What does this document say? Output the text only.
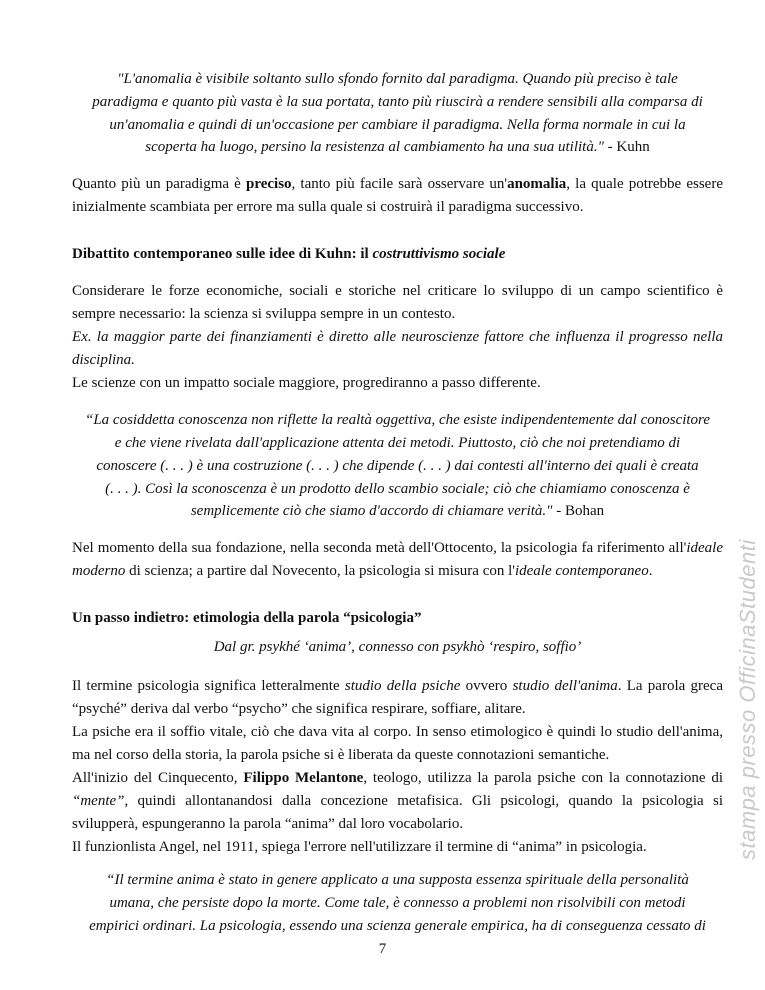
"L'anomalia è visibile soltanto sullo sfondo fornito dal paradigma. Quando più preciso è tale
paradigma e quanto più vasta è la sua portata, tanto più riuscirà a rendere sensibili alla comparsa di
un'anomalia e quindi di un'occasione per cambiare il paradigma. Nella forma normale in cui la
scoperta ha luogo, persino la resistenza al cambiamento ha una sua utilità." - Kuhn

Quanto più un paradigma è preciso, tanto più facile sarà osservare un'anomalia, la quale potrebbe essere inizialmente scambiata per errore ma sulla quale si costruirà il paradigma successivo.

Dibattito contemporaneo sulle idee di Kuhn: il costruttivismo sociale

Considerare le forze economiche, sociali e storiche nel criticare lo sviluppo di un campo scientifico è sempre necessario: la scienza si sviluppa sempre in un contesto.

Ex. la maggior parte dei finanziamenti è diretto alle neuroscienze fattore che influenza il progresso nella disciplina.

Le scienze con un impatto sociale maggiore, progrediranno a passo differente.

“La cosiddetta conoscenza non riflette la realtà oggettiva, che esiste indipendentemente dal conoscitore
e che viene rivelata dall'applicazione attenta dei metodi. Piuttosto, ciò che noi pretendiamo di
conoscere (. . . ) è una costruzione (. . . ) che dipende (. . . ) dai contesti all'interno dei quali è creata
(. . . ). Così la sconoscenza è un prodotto dello scambio sociale; ciò che chiamiamo conoscenza è
semplicemente ciò che siamo d'accordo di chiamare verità." - Bohan

Nel momento della sua fondazione, nella seconda metà dell'Ottocento, la psicologia fa riferimento all'ideale moderno di scienza; a partire dal Novecento, la psicologia si misura con l'ideale contemporaneo.

Un passo indietro: etimologia della parola “psicologia”
Dal gr. psykhé ‘anima’, connesso con psykhò ‘respiro, soffio’

Il termine psicologia significa letteralmente studio della psiche ovvero studio dell'anima. La parola greca “psyché” deriva dal verbo “psycho” che significa respirare, soffiare, alitare.

La psiche era il soffio vitale, ciò che dava vita al corpo. In senso etimologico è quindi lo studio dell'anima, ma nel corso della storia, la parola psiche si è liberata da queste connotazioni semantiche.

All'inizio del Cinquecento, Filippo Melantone, teologo, utilizza la parola psiche con la connotazione di “mente”, quindi allontanandosi dalla concezione metafisica. Gli psicologi, quando la psicologia si svilupperà, espungeranno la parola “anima” dal loro vocabolario.

Il funzionlista Angel, nel 1911, spiega l'errore nell'utilizzare il termine di “anima” in psicologia.

“Il termine anima è stato in genere applicato a una supposta essenza spirituale della personalità
umana, che persiste dopo la morte. Come tale, è connesso a problemi non risolvibili con metodi
empirici ordinari. La psicologia, essendo una scienza generale empirica, ha di conseguenza cessato di
stampa presso OfficinaStudenti
7
